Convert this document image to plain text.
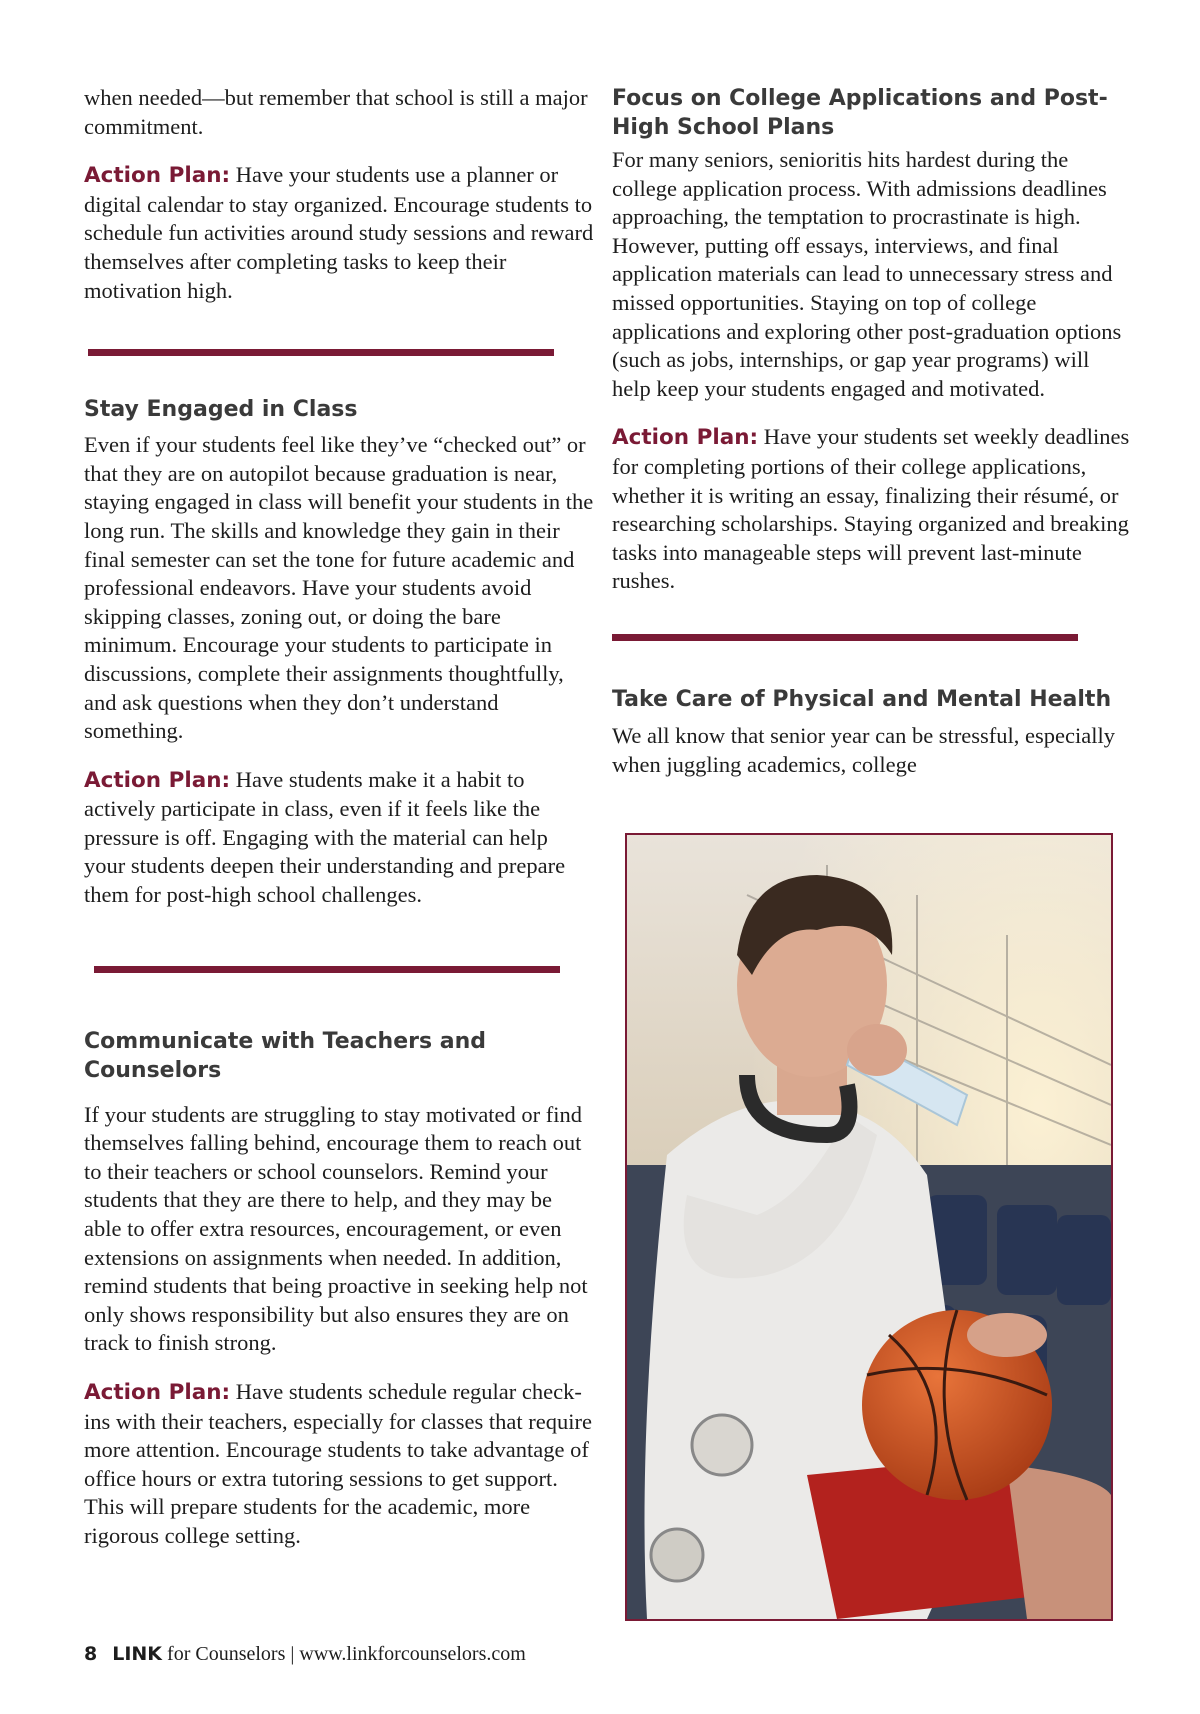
when needed—but remember that school is still a major commitment.

Action Plan: Have your students use a planner or digital calendar to stay organized. Encourage students to schedule fun activities around study sessions and reward themselves after completing tasks to keep their motivation high.

Stay Engaged in Class

Even if your students feel like they’ve “checked out” or that they are on autopilot because graduation is near, staying engaged in class will benefit your students in the long run. The skills and knowledge they gain in their final semester can set the tone for future academic and professional endeavors. Have your students avoid skipping classes, zoning out, or doing the bare minimum. Encourage your students to participate in discussions, complete their assignments thoughtfully, and ask questions when they don’t understand something.

Action Plan: Have students make it a habit to actively participate in class, even if it feels like the pressure is off. Engaging with the material can help your students deepen their understanding and prepare them for post-high school challenges.

Communicate with Teachers and Counselors

If your students are struggling to stay motivated or find themselves falling behind, encourage them to reach out to their teachers or school counselors. Remind your students that they are there to help, and they may be able to offer extra resources, encouragement, or even extensions on assignments when needed. In addition, remind students that being proactive in seeking help not only shows responsibility but also ensures they are on track to finish strong.

Action Plan: Have students schedule regular check-ins with their teachers, especially for classes that require more attention. Encourage students to take advantage of office hours or extra tutoring sessions to get support. This will prepare students for the academic, more rigorous college setting.

Focus on College Applications and Post-High School Plans

For many seniors, senioritis hits hardest during the college application process. With admissions deadlines approaching, the temptation to procrastinate is high. However, putting off essays, interviews, and final application materials can lead to unnecessary stress and missed opportunities. Staying on top of college applications and exploring other post-graduation options (such as jobs, internships, or gap year programs) will help keep your students engaged and motivated.

Action Plan: Have your students set weekly deadlines for completing portions of their college applications, whether it is writing an essay, finalizing their résumé, or researching scholarships. Staying organized and breaking tasks into manageable steps will prevent last-minute rushes.

Take Care of Physical and Mental Health

We all know that senior year can be stressful, especially when juggling academics, college

8 LINK for Counselors | www.linkforcounselors.com
